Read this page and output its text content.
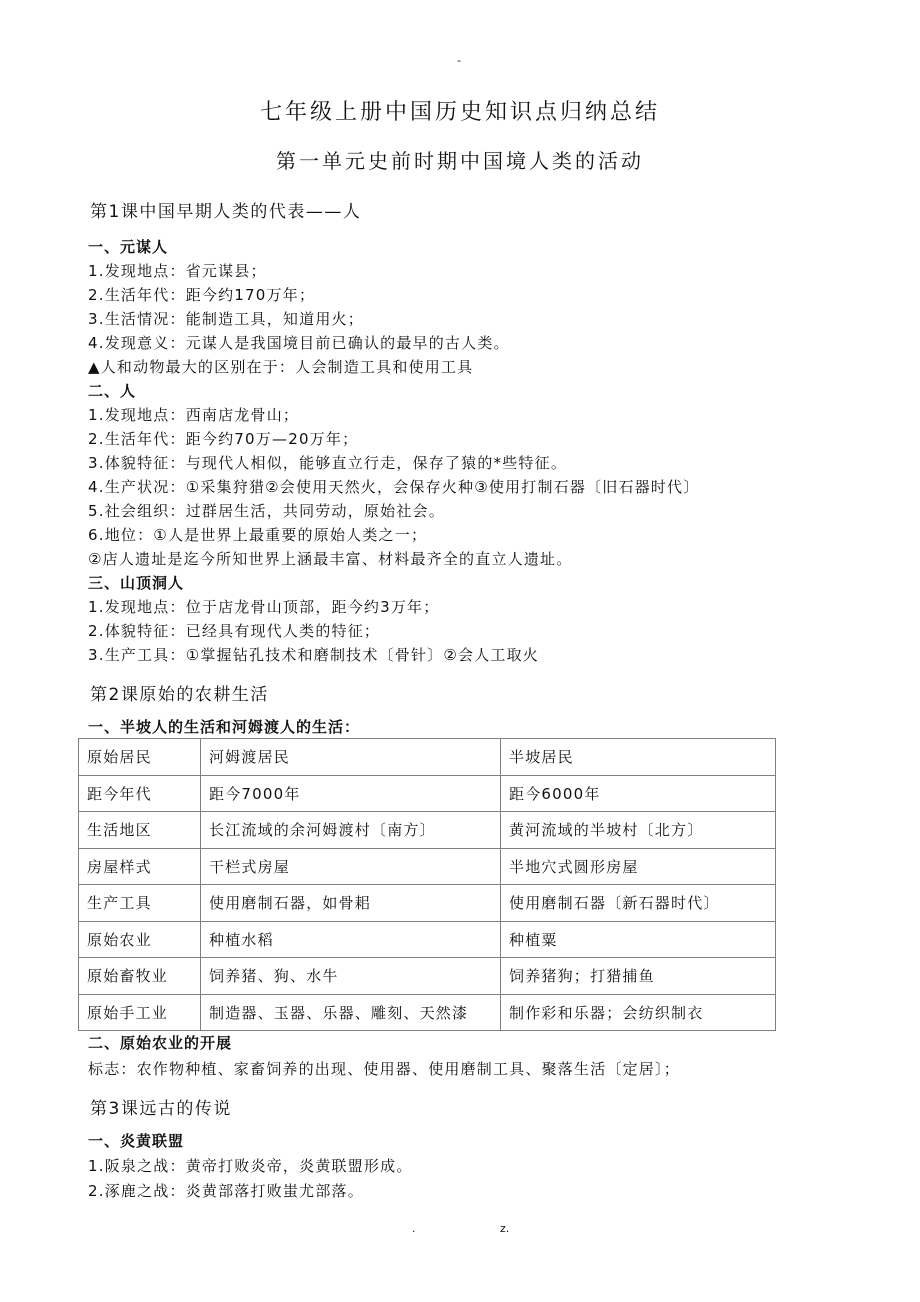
-
七年级上册中国历史知识点归纳总结
第一单元史前时期中国境人类的活动
第1课中国早期人类的代表——人
一、元谋人
1.发现地点：省元谋县；
2.生活年代：距今约170万年；
3.生活情况：能制造工具，知道用火；
4.发现意义：元谋人是我国境目前已确认的最早的古人类。
▲人和动物最大的区别在于：人会制造工具和使用工具
二、人
1.发现地点：西南店龙骨山；
2.生活年代：距今约70万—20万年；
3.体貌特征：与现代人相似，能够直立行走，保存了猿的*些特征。
4.生产状况：①采集狩猎②会使用天然火，会保存火种③使用打制石器〔旧石器时代〕
5.社会组织：过群居生活，共同劳动，原始社会。
6.地位：①人是世界上最重要的原始人类之一；
②店人遗址是迄今所知世界上涵最丰富、材料最齐全的直立人遗址。
三、山顶洞人
1.发现地点：位于店龙骨山顶部，距今约3万年；
2.体貌特征：已经具有现代人类的特征；
3.生产工具：①掌握钻孔技术和磨制技术〔骨针〕②会人工取火
第2课原始的农耕生活
一、半坡人的生活和河姆渡人的生活：
原始居民	河姆渡居民	半坡居民
距今年代	距今7000年	距今6000年
生活地区	长江流域的余河姆渡村〔南方〕	黄河流域的半坡村〔北方〕
房屋样式	干栏式房屋	半地穴式圆形房屋
生产工具	使用磨制石器，如骨耜	使用磨制石器〔新石器时代〕
原始农业	种植水稻	种植粟
原始畜牧业	饲养猪、狗、水牛	饲养猪狗；打猎捕鱼
原始手工业	制造器、玉器、乐器、雕刻、天然漆	制作彩和乐器；会纺织制衣
二、原始农业的开展
标志：农作物种植、家畜饲养的出现、使用器、使用磨制工具、聚落生活〔定居〕；
第3课远古的传说
一、炎黄联盟
1.阪泉之战：黄帝打败炎帝，炎黄联盟形成。
2.涿鹿之战：炎黄部落打败蚩尤部落。
.	z.
